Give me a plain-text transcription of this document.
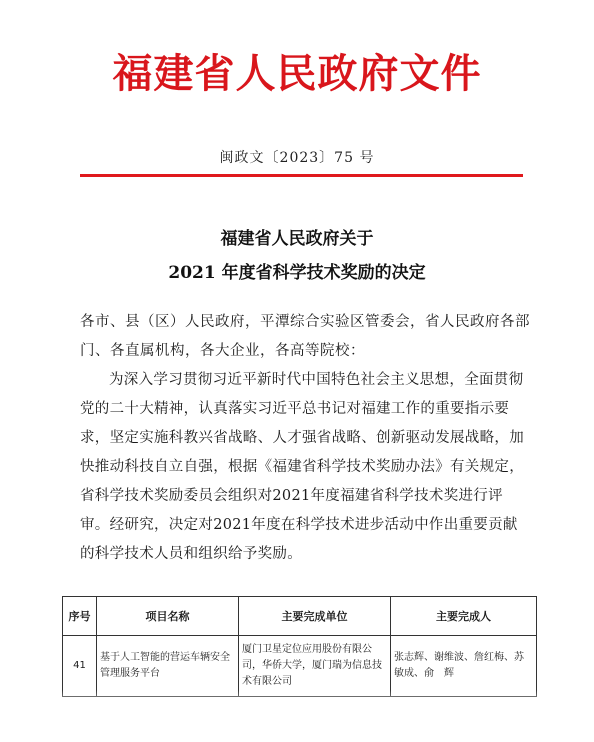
福建省人民政府文件
闽政文〔2023〕75 号
福建省人民政府关于
2021 年度省科学技术奖励的决定
各市、县（区）人民政府，平潭综合实验区管委会，省人民政府各部门、各直属机构，各大企业，各高等院校：
为深入学习贯彻习近平新时代中国特色社会主义思想，全面贯彻党的二十大精神，认真落实习近平总书记对福建工作的重要指示要求，坚定实施科教兴省战略、人才强省战略、创新驱动发展战略，加快推动科技自立自强，根据《福建省科学技术奖励办法》有关规定，省科学技术奖励委员会组织对2021年度福建省科学技术奖进行评审。经研究，决定对2021年度在科学技术进步活动中作出重要贡献的科学技术人员和组织给予奖励。
序号	项目名称	主要完成单位	主要完成人
41	基于人工智能的营运车辆安全管理服务平台	厦门卫星定位应用股份有限公司，华侨大学，厦门瑞为信息技术有限公司	张志辉、谢维波、詹红梅、苏敏成、俞　辉
